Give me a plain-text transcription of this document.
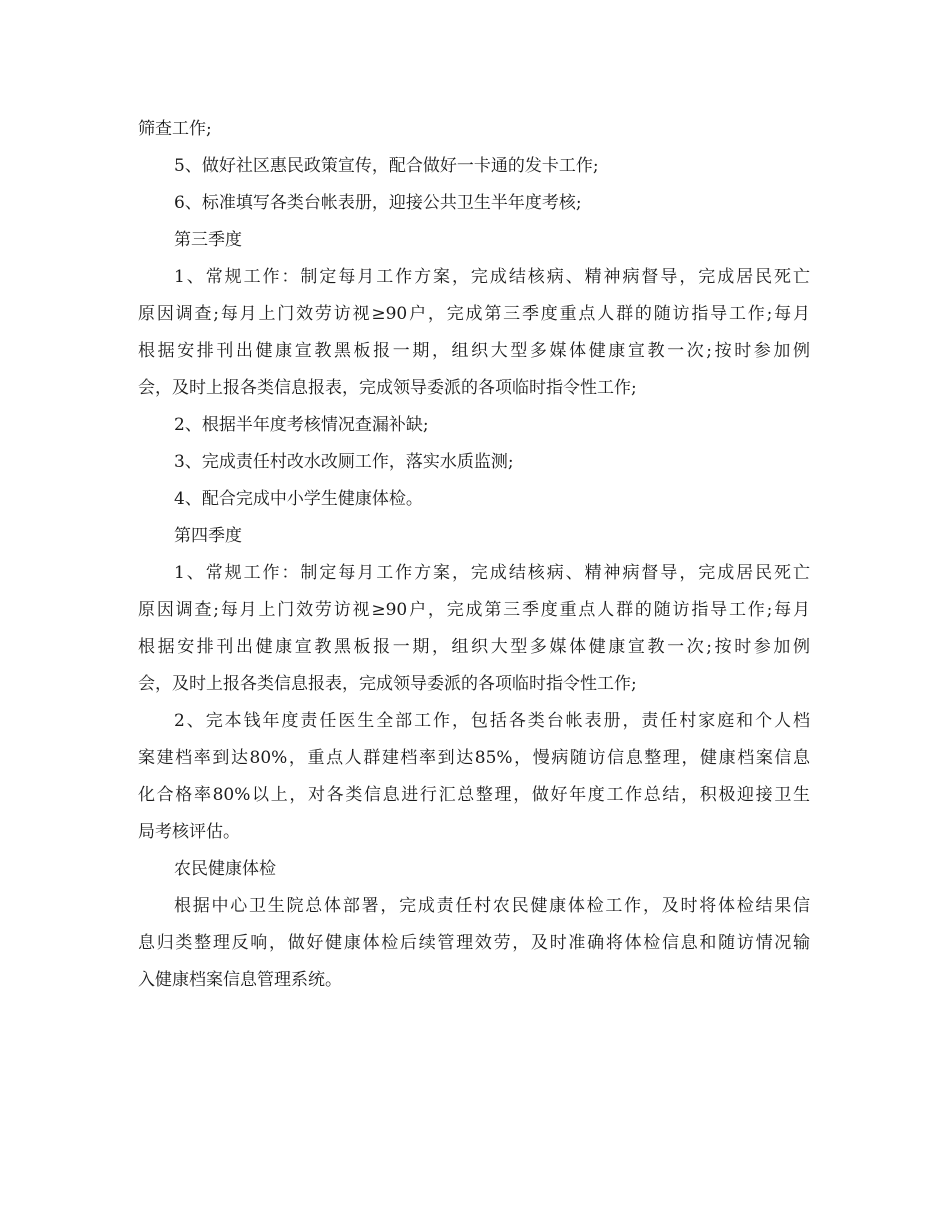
筛查工作;
5、做好社区惠民政策宣传，配合做好一卡通的发卡工作;
6、标准填写各类台帐表册，迎接公共卫生半年度考核;
第三季度
1、常规工作：制定每月工作方案，完成结核病、精神病督导，完成居民死亡
原因调查;每月上门效劳访视≥90户，完成第三季度重点人群的随访指导工作;每月
根据安排刊出健康宣教黑板报一期，组织大型多媒体健康宣教一次;按时参加例
会，及时上报各类信息报表，完成领导委派的各项临时指令性工作;
2、根据半年度考核情况查漏补缺;
3、完成责任村改水改厕工作，落实水质监测;
4、配合完成中小学生健康体检。
第四季度
1、常规工作：制定每月工作方案，完成结核病、精神病督导，完成居民死亡
原因调查;每月上门效劳访视≥90户，完成第三季度重点人群的随访指导工作;每月
根据安排刊出健康宣教黑板报一期，组织大型多媒体健康宣教一次;按时参加例
会，及时上报各类信息报表，完成领导委派的各项临时指令性工作;
2、完本钱年度责任医生全部工作，包括各类台帐表册，责任村家庭和个人档
案建档率到达80%，重点人群建档率到达85%，慢病随访信息整理，健康档案信息
化合格率80%以上，对各类信息进行汇总整理，做好年度工作总结，积极迎接卫生
局考核评估。
农民健康体检
根据中心卫生院总体部署，完成责任村农民健康体检工作，及时将体检结果信
息归类整理反响，做好健康体检后续管理效劳，及时准确将体检信息和随访情况输
入健康档案信息管理系统。
